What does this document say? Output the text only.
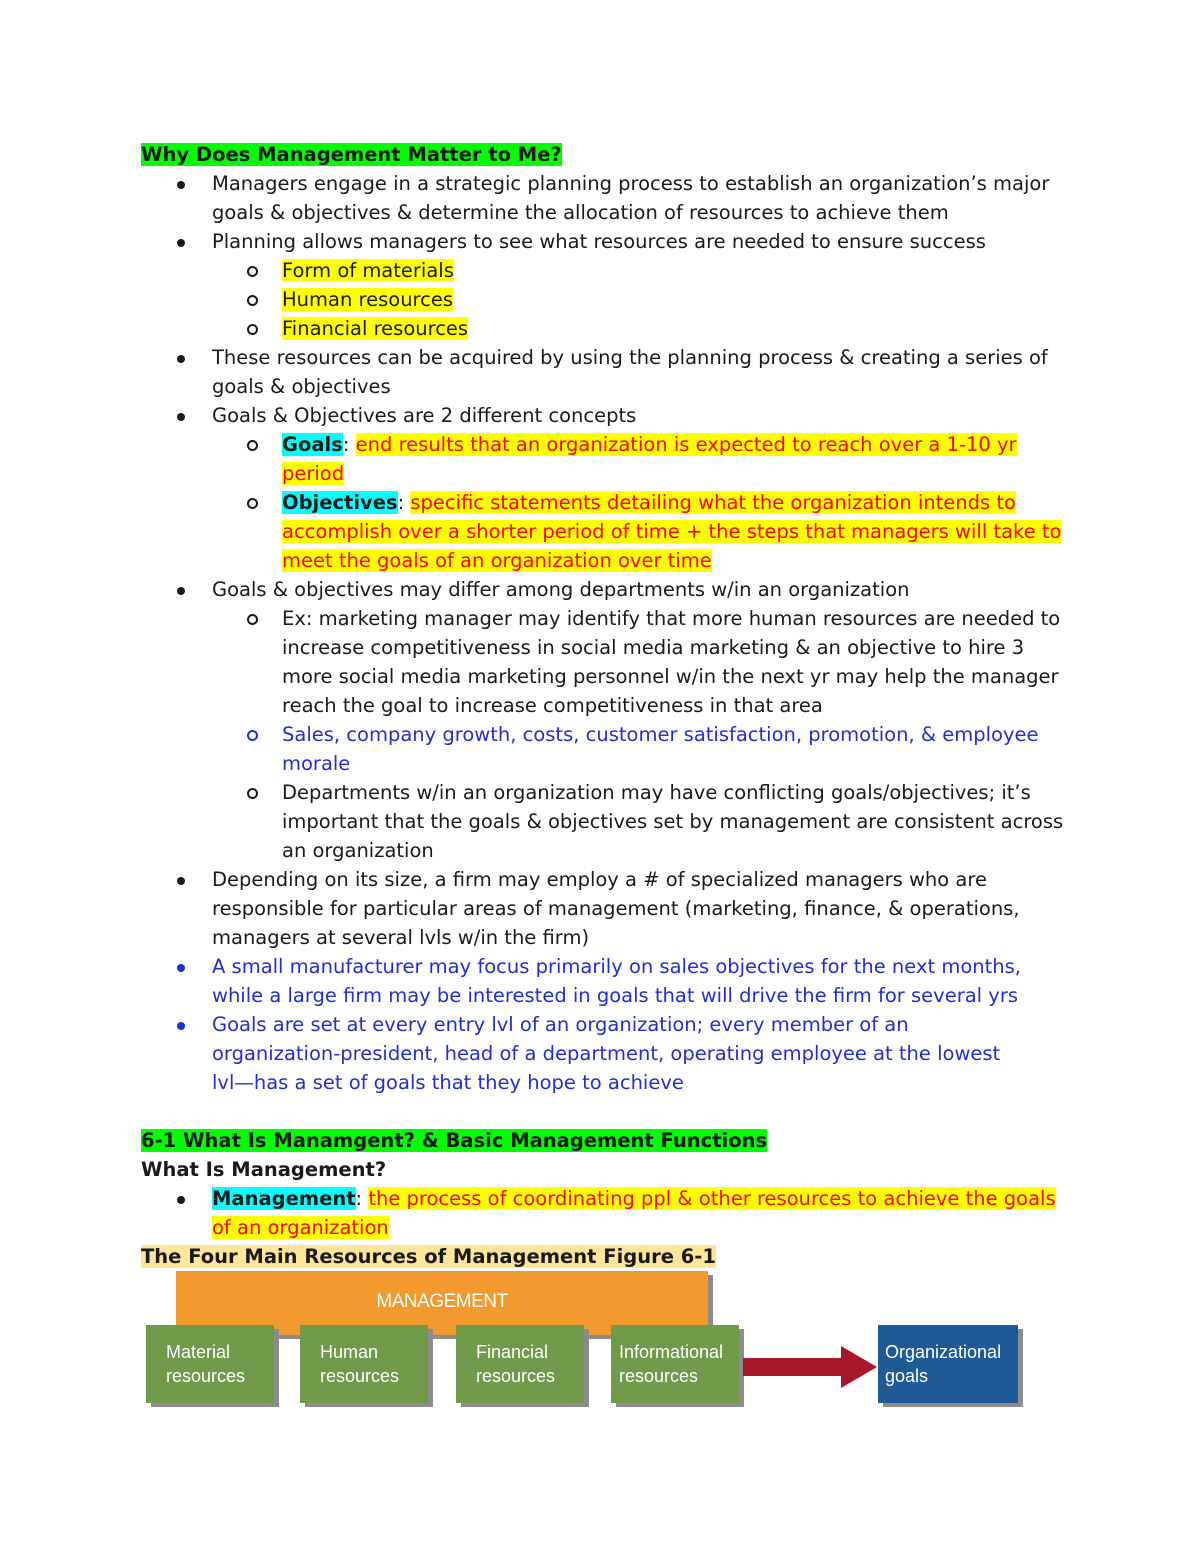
Why Does Management Matter to Me?
Managers engage in a strategic planning process to establish an organization’s major
goals & objectives & determine the allocation of resources to achieve them
Planning allows managers to see what resources are needed to ensure success
Form of materials
Human resources
Financial resources
These resources can be acquired by using the planning process & creating a series of
goals & objectives
Goals & Objectives are 2 different concepts
Goals: end results that an organization is expected to reach over a 1-10 yr
period
Objectives: specific statements detailing what the organization intends to
accomplish over a shorter period of time + the steps that managers will take to
meet the goals of an organization over time
Goals & objectives may differ among departments w/in an organization
Ex: marketing manager may identify that more human resources are needed to
increase competitiveness in social media marketing & an objective to hire 3
more social media marketing personnel w/in the next yr may help the manager
reach the goal to increase competitiveness in that area
Sales, company growth, costs, customer satisfaction, promotion, & employee
morale
Departments w/in an organization may have conflicting goals/objectives; it’s
important that the goals & objectives set by management are consistent across
an organization
Depending on its size, a firm may employ a # of specialized managers who are
responsible for particular areas of management (marketing, finance, & operations,
managers at several lvls w/in the firm)
A small manufacturer may focus primarily on sales objectives for the next months,
while a large firm may be interested in goals that will drive the firm for several yrs
Goals are set at every entry lvl of an organization; every member of an
organization-president, head of a department, operating employee at the lowest
lvl—has a set of goals that they hope to achieve
6-1 What Is Manamgent? & Basic Management Functions
What Is Management?
Management: the process of coordinating ppl & other resources to achieve the goals
of an organization
The Four Main Resources of Management Figure 6-1
MANAGEMENT
Material
resources
Human
resources
Financial
resources
Informational
resources
Organizational
goals
